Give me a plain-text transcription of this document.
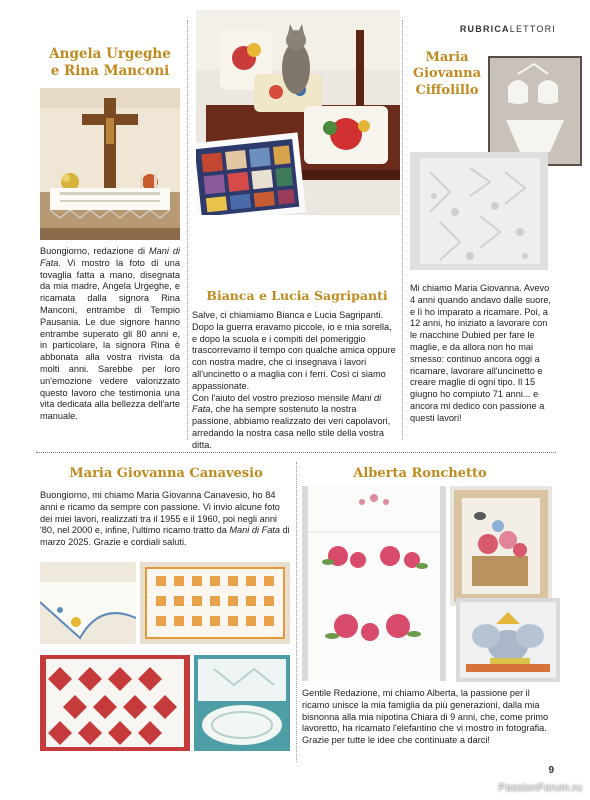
RUBRICALETTORI
Angela Urgeghe
e Rina Manconi
Buongiorno, redazione di Mani di Fata. Vi mostro la foto di una tovaglia fatta a mano, disegnata da mia madre, Angela Urgeghe, e ricamata dalla signora Rina Manconi, entrambe di Tempio Pausania. Le due signore hanno entrambe superato gli 80 anni e, in particolare, la signora Rina è abbonata alla vostra rivista da molti anni. Sarebbe per loro un'emozione vedere valorizzato questo lavoro che testimonia una vita dedicata alla bellezza dell'arte manuale.
Bianca e Lucia Sagripanti

Salve, ci chiamiamo Bianca e Lucia Sagripanti. Dopo la guerra eravamo piccole, io e mia sorella, e dopo la scuola e i compiti del pomeriggio trascorrevamo il tempo con qualche amica oppure con nostra madre, che ci insegnava i lavori all'uncinetto o a maglia con i ferri. Così ci siamo appassionate.

Con l'aiuto del vostro prezioso mensile Mani di Fata, che ha sempre sostenuto la nostra passione, abbiamo realizzato dei veri capolavori, arredando la nostra casa nello stile della vostra ditta.

Maria
Giovanna
Ciffolillo
Mi chiamo Maria Giovanna. Avevo 4 anni quando andavo dalle suore, e lì ho imparato a ricamare. Poi, a 12 anni, ho iniziato a lavorare con le macchine Dubied per fare le maglie, e da allora non ho mai smesso: continuo ancora oggi a ricamare, lavorare all'uncinetto e creare maglie di ogni tipo. Il 15 giugno ho compiuto 71 anni... e ancora mi dedico con passione a questi lavori!
Maria Giovanna Canavesio
Buongiorno, mi chiamo Maria Giovanna Canavesio, ho 84 anni e ricamo da sempre con passione. Vi invio alcune foto dei miei lavori, realizzati tra il 1955 e il 1960, poi negli anni '80, nel 2000 e, infine, l'ultimo ricamo tratto da Mani di Fata di marzo 2025. Grazie e cordiali saluti.
Alberta Ronchetto
Gentile Redazione, mi chiamo Alberta, la passione per il ricamo unisce la mia famiglia da più generazioni, dalla mia bisnonna alla mia nipotina Chiara di 9 anni, che, come primo lavoretto, ha ricamato l'elefantino che vi mostro in fotografia. Grazie per tutte le idee che continuate a darci!
9
PassionForum.ru
